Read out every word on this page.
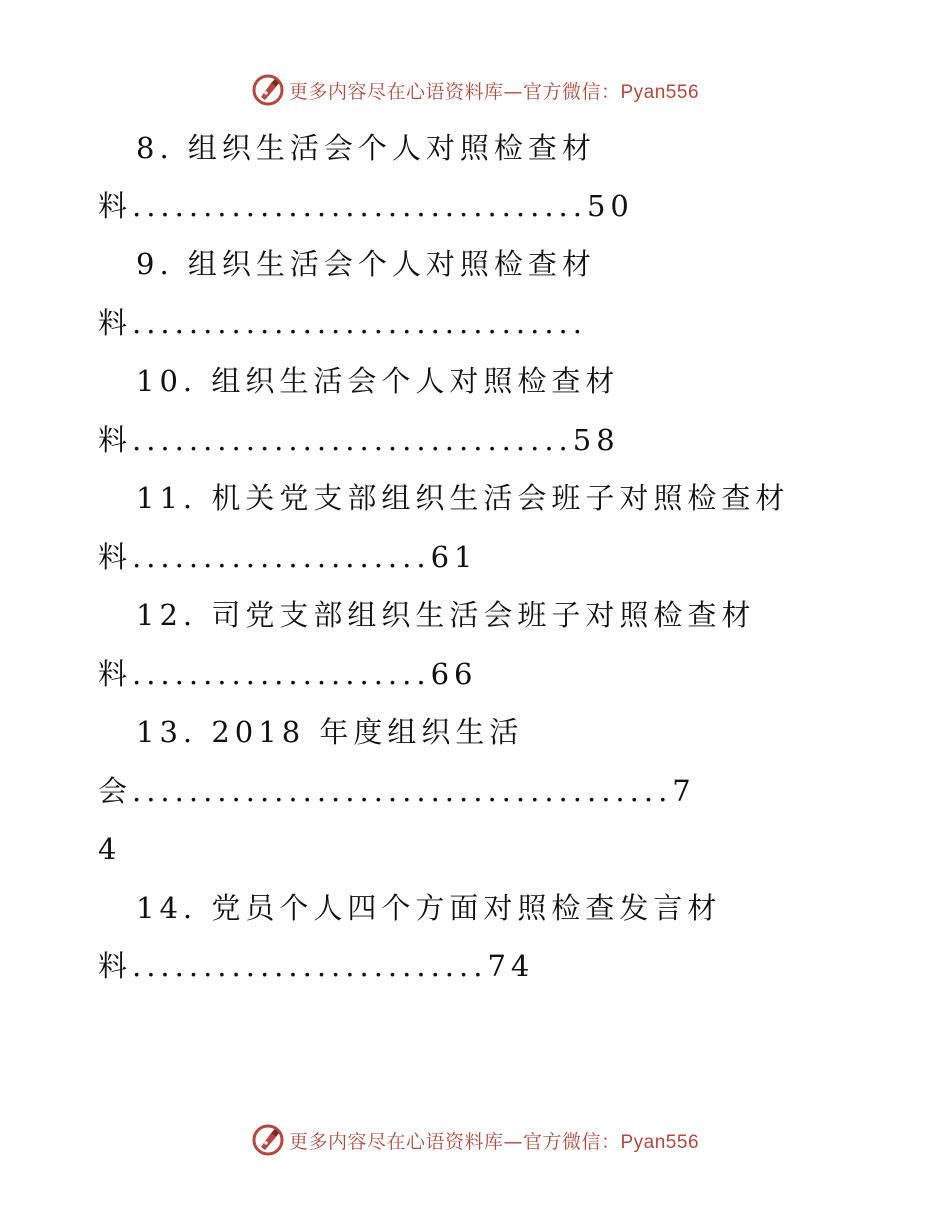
更多内容尽在心语资料库—官方微信：Pyan556
8. 组织生活会个人对照检查材
料................................50
9. 组织生活会个人对照检查材
料................................
10. 组织生活会个人对照检查材
料...............................58
11. 机关党支部组织生活会班子对照检查材
料.....................61
12. 司党支部组织生活会班子对照检查材
料.....................66
13. 2018 年度组织生活
会......................................7
4
14. 党员个人四个方面对照检查发言材
料.........................74
更多内容尽在心语资料库—官方微信：Pyan556
